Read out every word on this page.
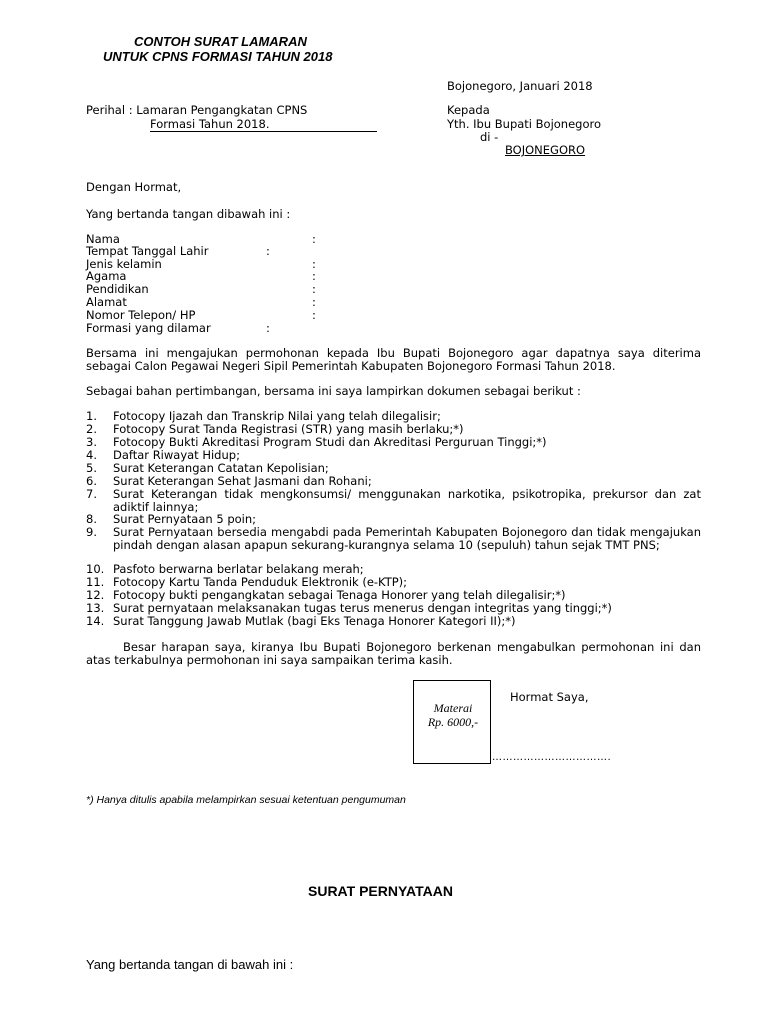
CONTOH SURAT LAMARAN
UNTUK CPNS FORMASI TAHUN 2018
Bojonegoro, Januari 2018
Perihal : Lamaran Pengangkatan CPNS
Formasi Tahun 2018.
Kepada
Yth. Ibu Bupati Bojonegoro
di -
BOJONEGORO
Dengan Hormat,
Yang bertanda tangan dibawah ini :
Nama	:
Tempat Tanggal Lahir	:
Jenis kelamin	:
Agama	:
Pendidikan	:
Alamat	:
Nomor Telepon/ HP	:
Formasi yang dilamar	:
Bersama ini mengajukan permohonan kepada Ibu Bupati Bojonegoro agar dapatnya saya diterima sebagai Calon Pegawai Negeri Sipil Pemerintah Kabupaten Bojonegoro Formasi Tahun 2018.
Sebagai bahan pertimbangan, bersama ini saya lampirkan dokumen sebagai berikut :
1. Fotocopy Ijazah dan Transkrip Nilai yang telah dilegalisir;
2. Fotocopy Surat Tanda Registrasi (STR) yang masih berlaku;*)
3. Fotocopy Bukti Akreditasi Program Studi dan Akreditasi Perguruan Tinggi;*)
4. Daftar Riwayat Hidup;
5. Surat Keterangan Catatan Kepolisian;
6. Surat Keterangan Sehat Jasmani dan Rohani;
7. Surat Keterangan tidak mengkonsumsi/ menggunakan narkotika, psikotropika, prekursor dan zat adiktif lainnya;
8. Surat Pernyataan 5 poin;
9. Surat Pernyataan bersedia mengabdi pada Pemerintah Kabupaten Bojonegoro dan tidak mengajukan pindah dengan alasan apapun sekurang-kurangnya selama 10 (sepuluh) tahun sejak TMT PNS;
10. Pasfoto berwarna berlatar belakang merah;
11. Fotocopy Kartu Tanda Penduduk Elektronik (e-KTP);
12. Fotocopy bukti pengangkatan sebagai Tenaga Honorer yang telah dilegalisir;*)
13. Surat pernyataan melaksanakan tugas terus menerus dengan integritas yang tinggi;*)
14. Surat Tanggung Jawab Mutlak (bagi Eks Tenaga Honorer Kategori II);*)
Besar harapan saya, kiranya Ibu Bupati Bojonegoro berkenan mengabulkan permohonan ini dan atas terkabulnya permohonan ini saya sampaikan terima kasih.
Materai
Rp. 6000,-
Hormat Saya,
…………………………….
*) Hanya ditulis apabila melampirkan sesuai ketentuan pengumuman
SURAT PERNYATAAN
Yang bertanda tangan di bawah ini :
